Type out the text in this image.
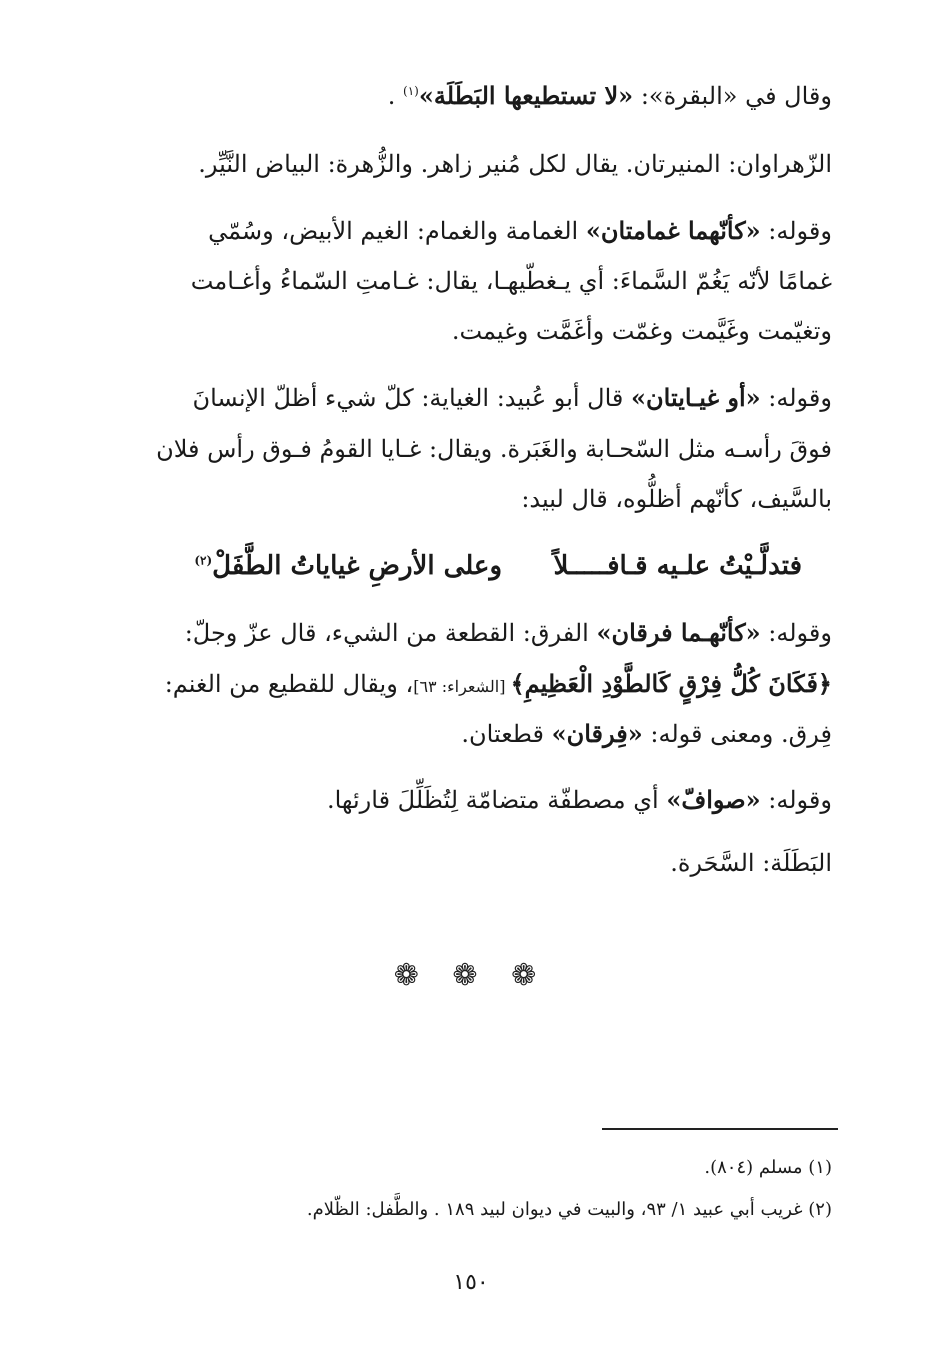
وقال في «البقرة»: «لا تستطيعها البَطَلَة»$^{(١)}$ .
الزّهراوان: المنيرتان. يقال لكل مُنير زاهر. والزُّهرة: البياض النَّيِّر.
وقوله: «كأنّهما غمامتان» الغمامة والغمام: الغيم الأبيض، وسُمّي
غمامًا لأنّه يَغُمّ السَّماءَ: أي يـغطّيهـا، يقال: غـامتِ السّماءُ وأغـامت
وتغيّمت وغَيَّمت وغمّت وأغَمَّت وغيمت.
وقوله: «أو غيـايتان» قال أبو عُبيد: الغياية: كلّ شيء أظلّ الإنسانَ
فوقَ رأسـه مثل السّحـابة والغَبَرة. ويقال: غـايا القومُ فـوق رأس فلان
بالسَّيف، كأنّهم أظلُّوه، قال لبيد:
فتدلَّـيْتُ علـيه قـافـــــلاً
وعلى الأرضِ غياياتُ الطَّفَلْ$^{(٢)}$
وقوله: «كأنّهـما فرقان» الفرق: القطعة من الشيء، قال عزّ وجلّ:
﴿فَكَانَ كُلُّ فِرْقٍ كَالطَّوْدِ الْعَظِيمِ﴾ [الشعراء: ٦٣]، ويقال للقطيع من الغنم:
فِرق. ومعنى قوله: «فِرقان» قطعتان.
وقوله: «صوافّ» أي مصطفّة متضامّة لِتُظَلِّلَ قارئها.
البَطَلَة: السَّحَرة.
❁ ❁ ❁
(١) مسلم (٨٠٤).
(٢) غريب أبي عبيد ١/ ٩٣، والبيت في ديوان لبيد ١٨٩ . والطَّفل: الظّلام.
١٥٠
